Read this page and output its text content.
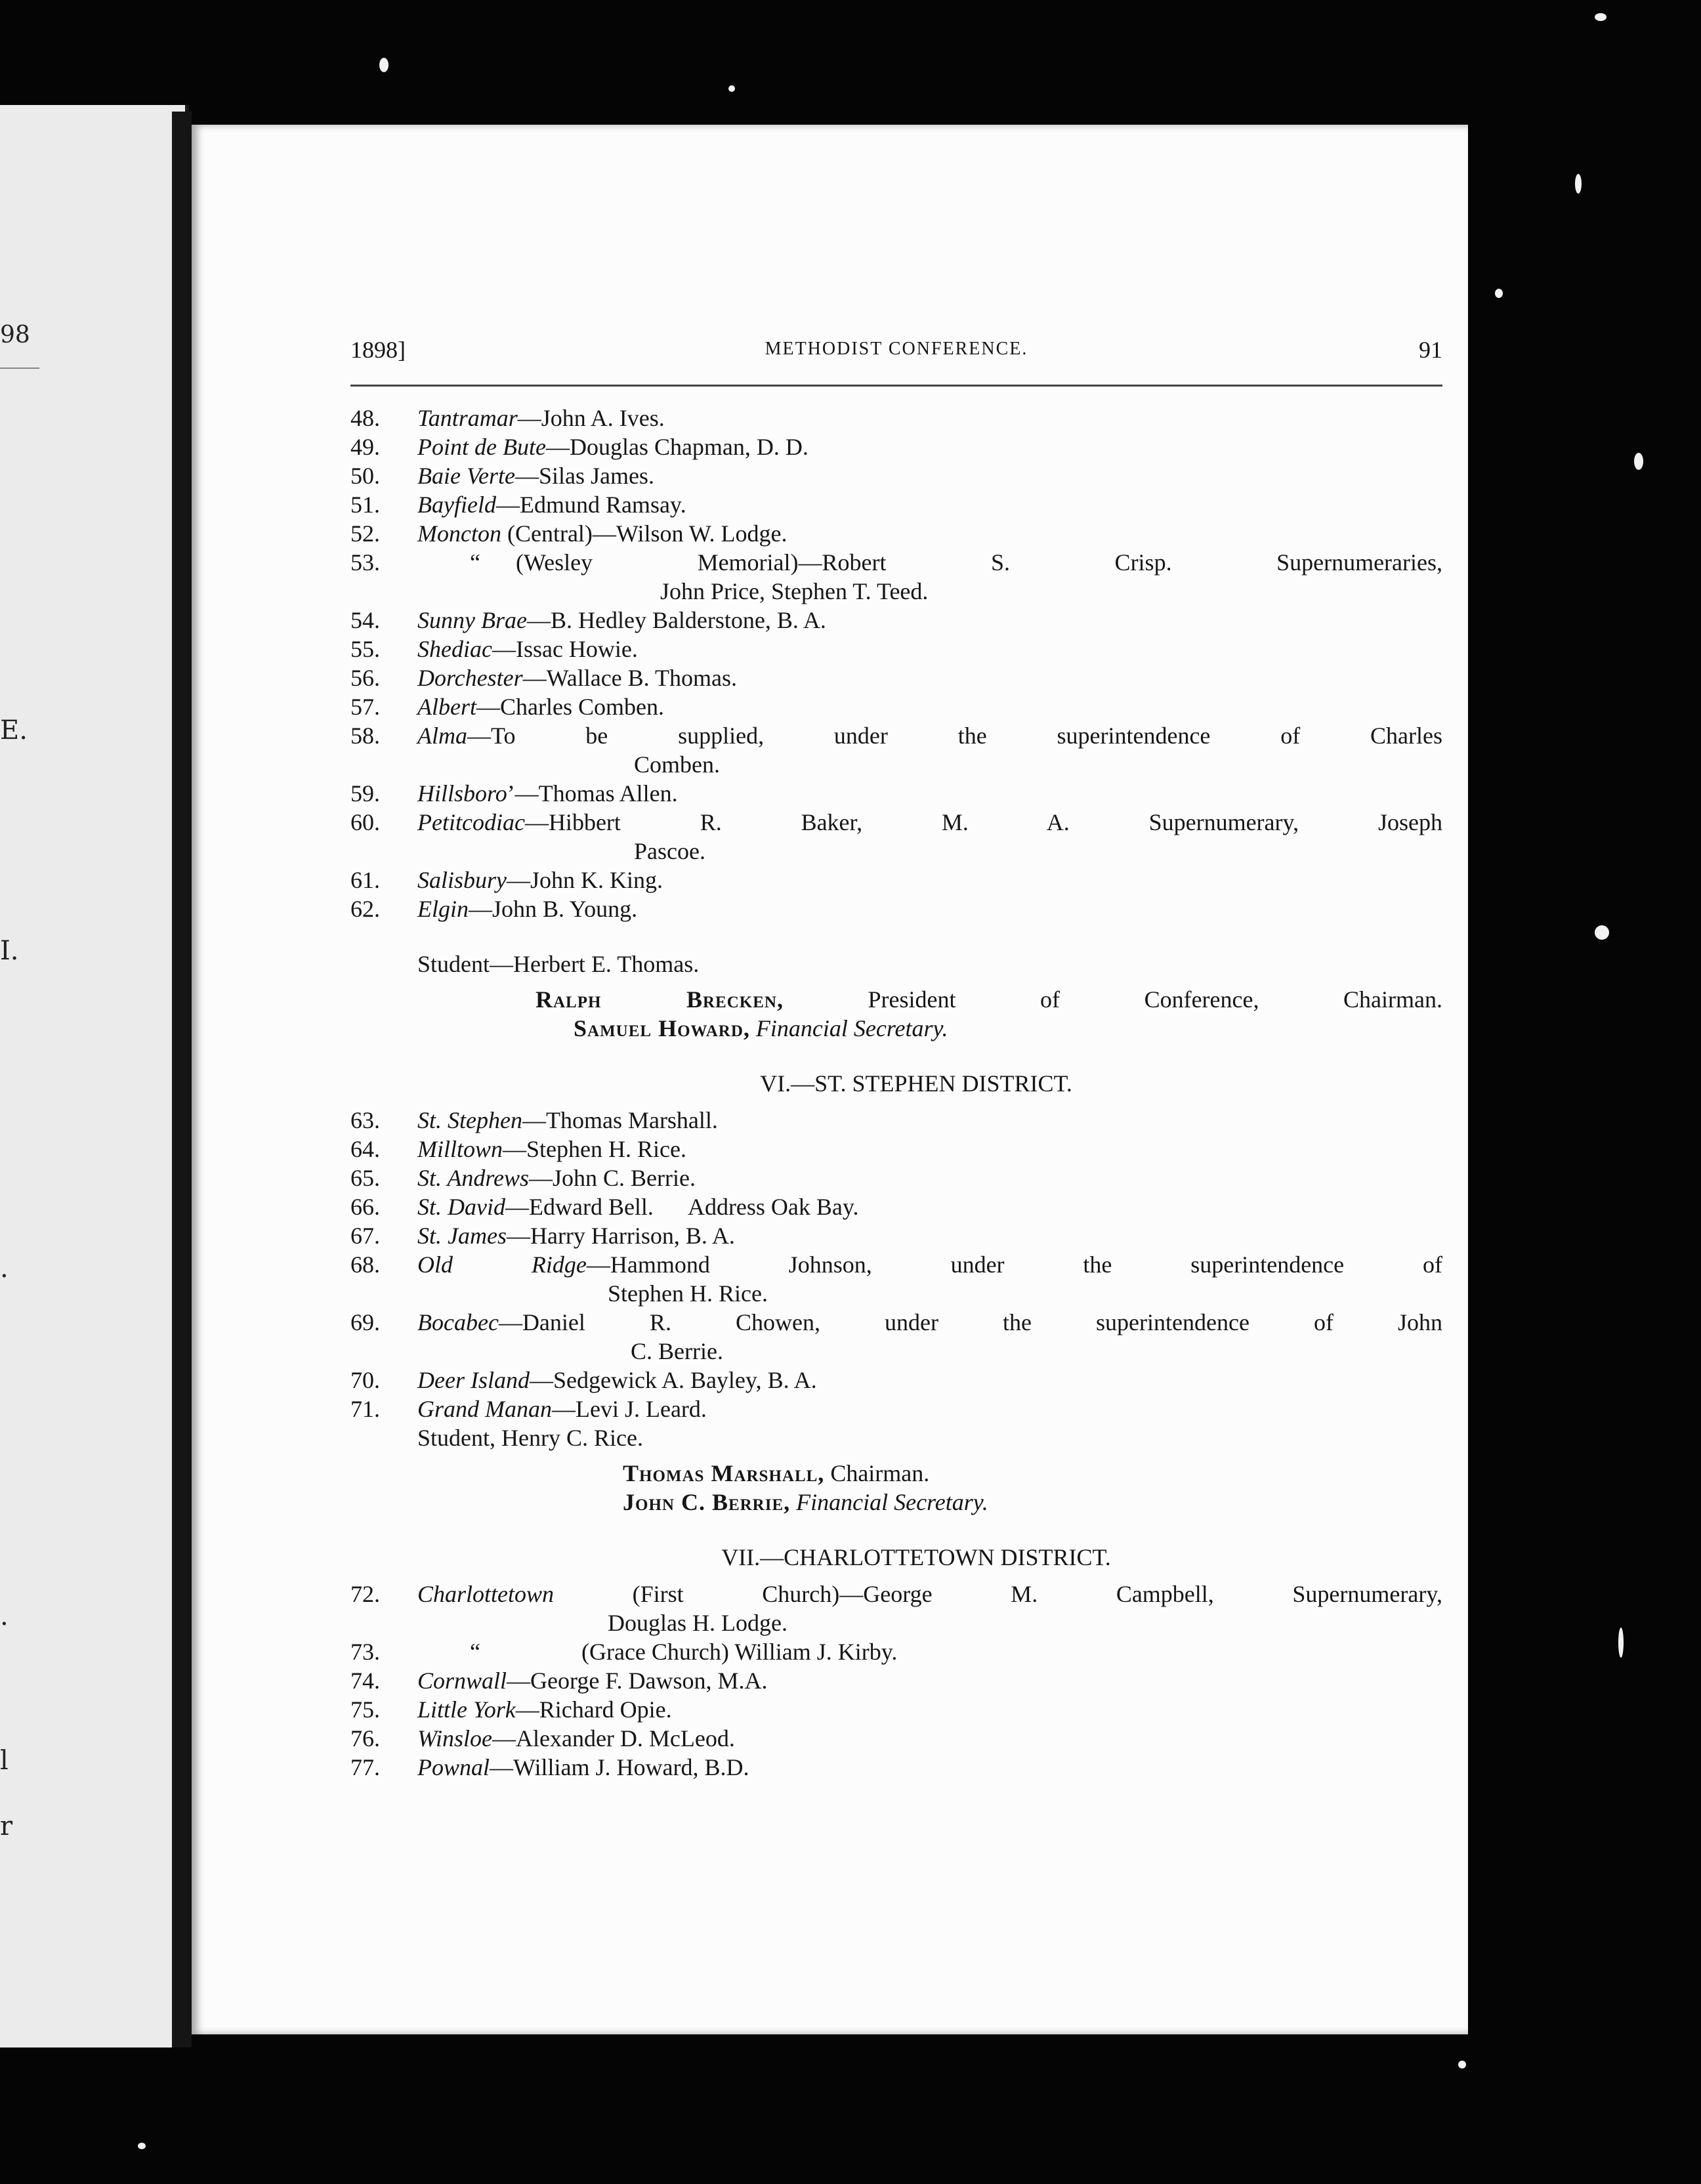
98
E.
I.
.
.
l
r
1898]	METHODIST CONFERENCE.	91
48.	Tantramar—John A. Ives.
49.	Point de Bute—Douglas Chapman, D. D.
50.	Baie Verte—Silas James.
51.	Bayfield—Edmund Ramsay.
52.	Moncton (Central)—Wilson W. Lodge.
53.	“ (Wesley Memorial)—Robert S. Crisp. Supernumeraries,
John Price, Stephen T. Teed.
54.	Sunny Brae—B. Hedley Balderstone, B. A.
55.	Shediac—Issac Howie.
56.	Dorchester—Wallace B. Thomas.
57.	Albert—Charles Comben.
58.	Alma—To be supplied, under the superintendence of Charles
Comben.
59.	Hillsboro’—Thomas Allen.
60.	Petitcodiac—Hibbert R. Baker, M. A. Supernumerary, Joseph
Pascoe.
61.	Salisbury—John K. King.
62.	Elgin—John B. Young.
Student—Herbert E. Thomas.
Ralph Brecken,	President of Conference, Chairman.
Samuel Howard, Financial Secretary.
VI.—ST. STEPHEN DISTRICT.
63.	St. Stephen—Thomas Marshall.
64.	Milltown—Stephen H. Rice.
65.	St. Andrews—John C. Berrie.
66.	St. David—Edward Bell.      Address Oak Bay.
67.	St. James—Harry Harrison, B. A.
68.	Old Ridge—Hammond Johnson, under the superintendence of
Stephen H. Rice.
69.	Bocabec—Daniel R. Chowen, under the superintendence of John
C. Berrie.
70.	Deer Island—Sedgewick A. Bayley, B. A.
71.	Grand Manan—Levi J. Leard.
Student, Henry C. Rice.
Thomas Marshall, Chairman.
John C. Berrie, Financial Secretary.
VII.—CHARLOTTETOWN DISTRICT.
72.	Charlottetown (First Church)—George M. Campbell, Supernumerary,
Douglas H. Lodge.
73.	“	(Grace Church) William J. Kirby.
74.	Cornwall—George F. Dawson, M.A.
75.	Little York—Richard Opie.
76.	Winsloe—Alexander D. McLeod.
77.	Pownal—William J. Howard, B.D.
